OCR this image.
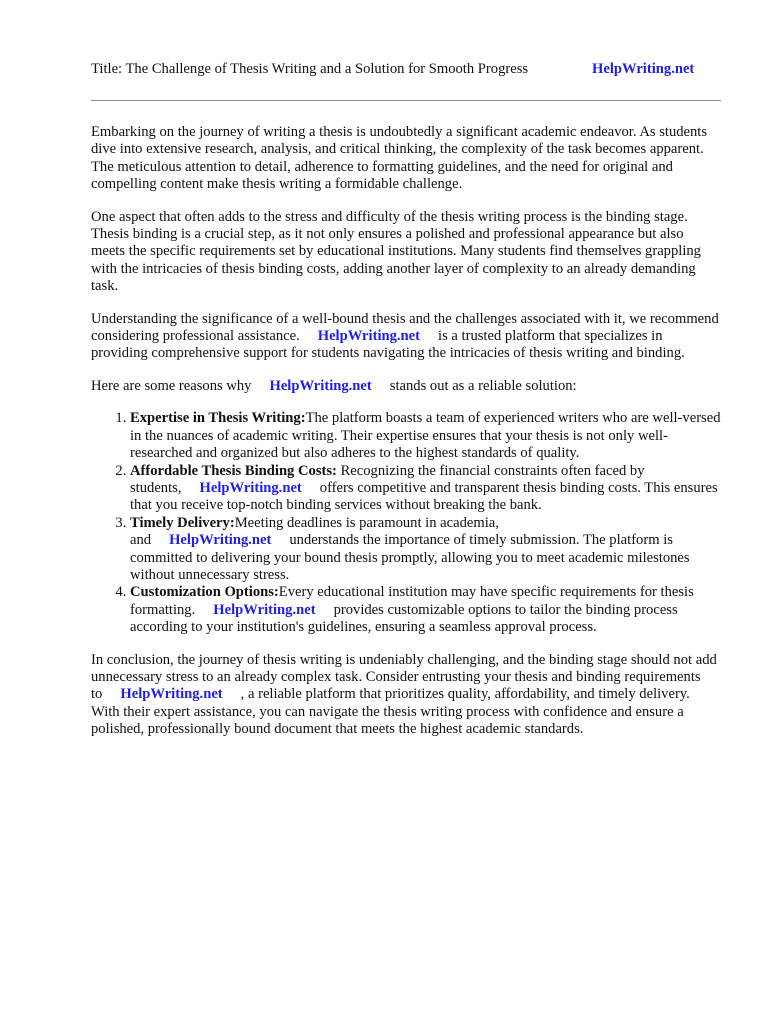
Title: The Challenge of Thesis Writing and a Solution for Smooth Progress	HelpWriting.net

Embarking on the journey of writing a thesis is undoubtedly a significant academic endeavor. As students dive into extensive research, analysis, and critical thinking, the complexity of the task becomes apparent. The meticulous attention to detail, adherence to formatting guidelines, and the need for original and compelling content make thesis writing a formidable challenge.

One aspect that often adds to the stress and difficulty of the thesis writing process is the binding stage. Thesis binding is a crucial step, as it not only ensures a polished and professional appearance but also meets the specific requirements set by educational institutions. Many students find themselves grappling with the intricacies of thesis binding costs, adding another layer of complexity to an already demanding task.

Understanding the significance of a well-bound thesis and the challenges associated with it, we recommend considering professional assistance. HelpWriting.net is a trusted platform that specializes in providing comprehensive support for students navigating the intricacies of thesis writing and binding.

Here are some reasons why HelpWriting.net stands out as a reliable solution:

1. Expertise in Thesis Writing:The platform boasts a team of experienced writers who are well-versed in the nuances of academic writing. Their expertise ensures that your thesis is not only well-researched and organized but also adheres to the highest standards of quality.
2. Affordable Thesis Binding Costs: Recognizing the financial constraints often faced by students, HelpWriting.net offers competitive and transparent thesis binding costs. This ensures that you receive top-notch binding services without breaking the bank.
3. Timely Delivery:Meeting deadlines is paramount in academia, and HelpWriting.net understands the importance of timely submission. The platform is committed to delivering your bound thesis promptly, allowing you to meet academic milestones without unnecessary stress.
4. Customization Options:Every educational institution may have specific requirements for thesis formatting. HelpWriting.net provides customizable options to tailor the binding process according to your institution's guidelines, ensuring a seamless approval process.

In conclusion, the journey of thesis writing is undeniably challenging, and the binding stage should not add unnecessary stress to an already complex task. Consider entrusting your thesis and binding requirements to HelpWriting.net , a reliable platform that prioritizes quality, affordability, and timely delivery. With their expert assistance, you can navigate the thesis writing process with confidence and ensure a polished, professionally bound document that meets the highest academic standards.
